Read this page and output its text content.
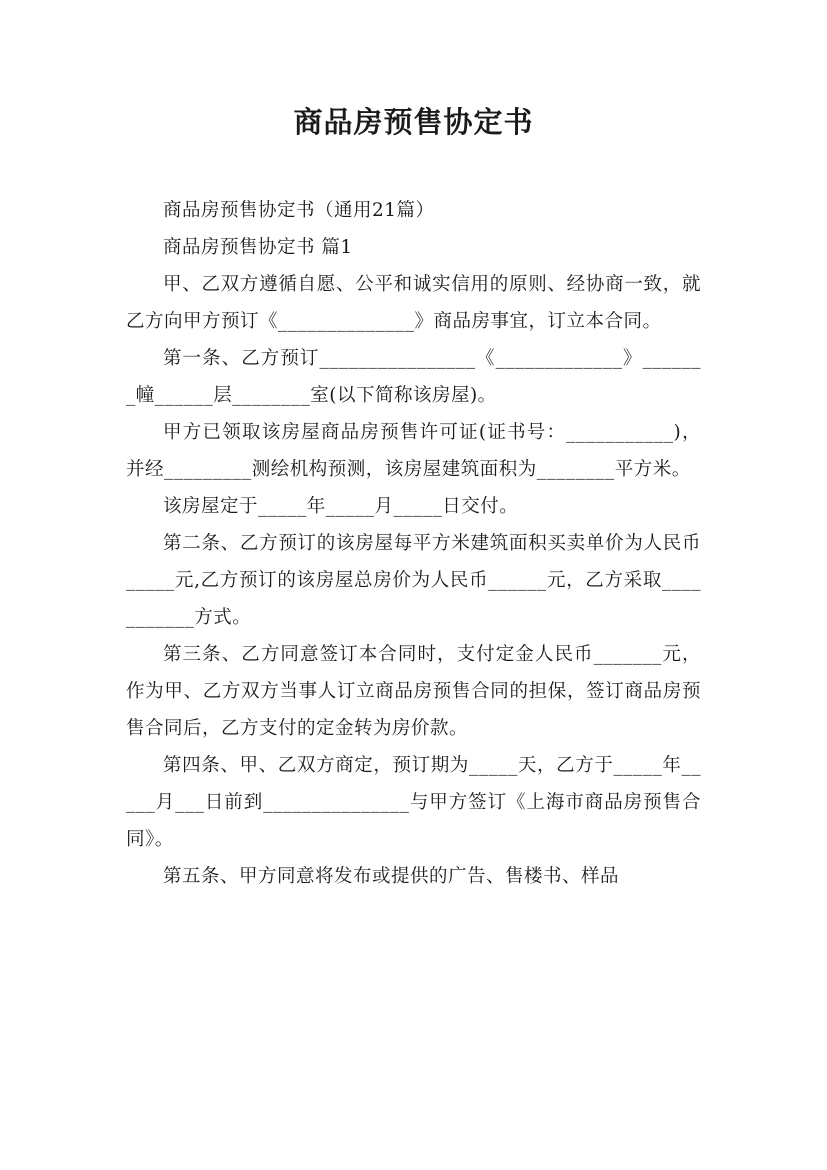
商品房预售协定书

商品房预售协定书（通用21篇）

商品房预售协定书 篇1

甲、乙双方遵循自愿、公平和诚实信用的原则、经协商一致，就乙方向甲方预订《______________》商品房事宜，订立本合同。

第一条、乙方预订________________《_____________》_______幢______层________室(以下简称该房屋)。

甲方已领取该房屋商品房预售许可证(证书号：___________)，并经_________测绘机构预测，该房屋建筑面积为________平方米。

该房屋定于_____年_____月_____日交付。

第二条、乙方预订的该房屋每平方米建筑面积买卖单价为人民币_____元,乙方预订的该房屋总房价为人民币______元，乙方采取___________方式。

第三条、乙方同意签订本合同时，支付定金人民币_______元，作为甲、乙方双方当事人订立商品房预售合同的担保，签订商品房预售合同后，乙方支付的定金转为房价款。

第四条、甲、乙双方商定，预订期为_____天，乙方于_____年_____月___日前到_______________与甲方签订《上海市商品房预售合同》。

第五条、甲方同意将发布或提供的广告、售楼书、样品
